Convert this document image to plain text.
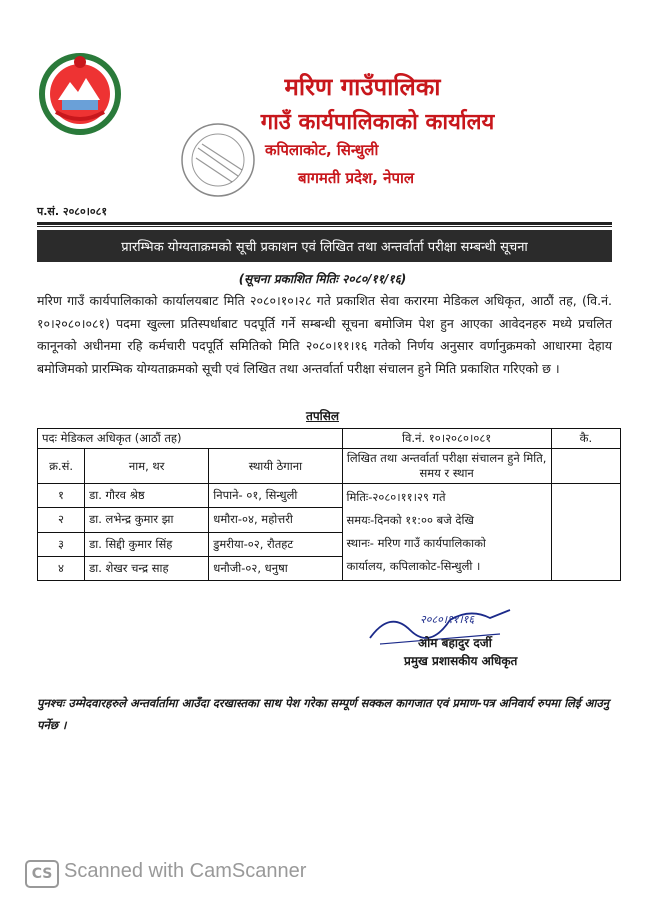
मरिण गाउँपालिका
गाउँ कार्यपालिकाको कार्यालय
कपिलाकोट, सिन्धुली
बागमती प्रदेश, नेपाल
प.सं. २०८०।०८१
प्रारम्भिक योग्यताक्रमको सूची प्रकाशन एवं लिखित तथा अन्तर्वार्ता परीक्षा सम्बन्धी सूचना
(सूचना प्रकाशित मितिः २०८०/११/१६)
मरिण गाउँ कार्यपालिकाको कार्यालयबाट मिति २०८०।१०।२८ गते प्रकाशित सेवा करारमा मेडिकल अधिकृत, आठौं तह, (वि.नं. १०।२०८०।०८१) पदमा खुल्ला प्रतिस्पर्धाबाट पदपूर्ति गर्ने सम्बन्धी सूचना बमोजिम पेश हुन आएका आवेदनहरु मध्ये प्रचलित कानूनको अधीनमा रहि कर्मचारी पदपूर्ति समितिको मिति २०८०।११।१६ गतेको निर्णय अनुसार वर्णानुक्रमको आधारमा देहाय बमोजिमको प्रारम्भिक योग्यताक्रमको सूची एवं लिखित तथा अन्तर्वार्ता परीक्षा संचालन हुने मिति प्रकाशित गरिएको छ ।
तपसिल
पदः मेडिकल अधिकृत (आठौं तह)			वि.नं. १०।२०८०।०८१	कै.
क्र.सं.	नाम, थर	स्थायी ठेगाना	लिखित तथा अन्तर्वार्ता परीक्षा संचालन हुने मिति, समय र स्थान	
१	डा. गौरव श्रेष्ठ	निपाने- ०१, सिन्धुली	मितिः-२०८०।११।२९ गते
समयः-दिनको ११:०० बजे देखि
स्थानः- मरिण गाउँ कार्यपालिकाको
कार्यालय, कपिलाकोट-सिन्धुली ।	

२	डा. लभेन्द्र कुमार झा	धमौरा-०४, महोत्तरी		
३	डा. सिद्दी कुमार सिंह	डुमरीया-०२, रौतहट		
४	डा. शेखर चन्द्र साह	धनौजी-०२, धनुषा		
२०८०।११।१६
ओम बहादुर दर्जी
प्रमुख प्रशासकीय अधिकृत
पुनश्चः उम्मेदवारहरुले अन्तर्वार्तामा आउँदा दरखास्तका साथ पेश गरेका सम्पूर्ण सक्कल कागजात एवं प्रमाण-पत्र अनिवार्य रुपमा लिई आउनु पर्नेछ ।
CS Scanned with CamScanner
